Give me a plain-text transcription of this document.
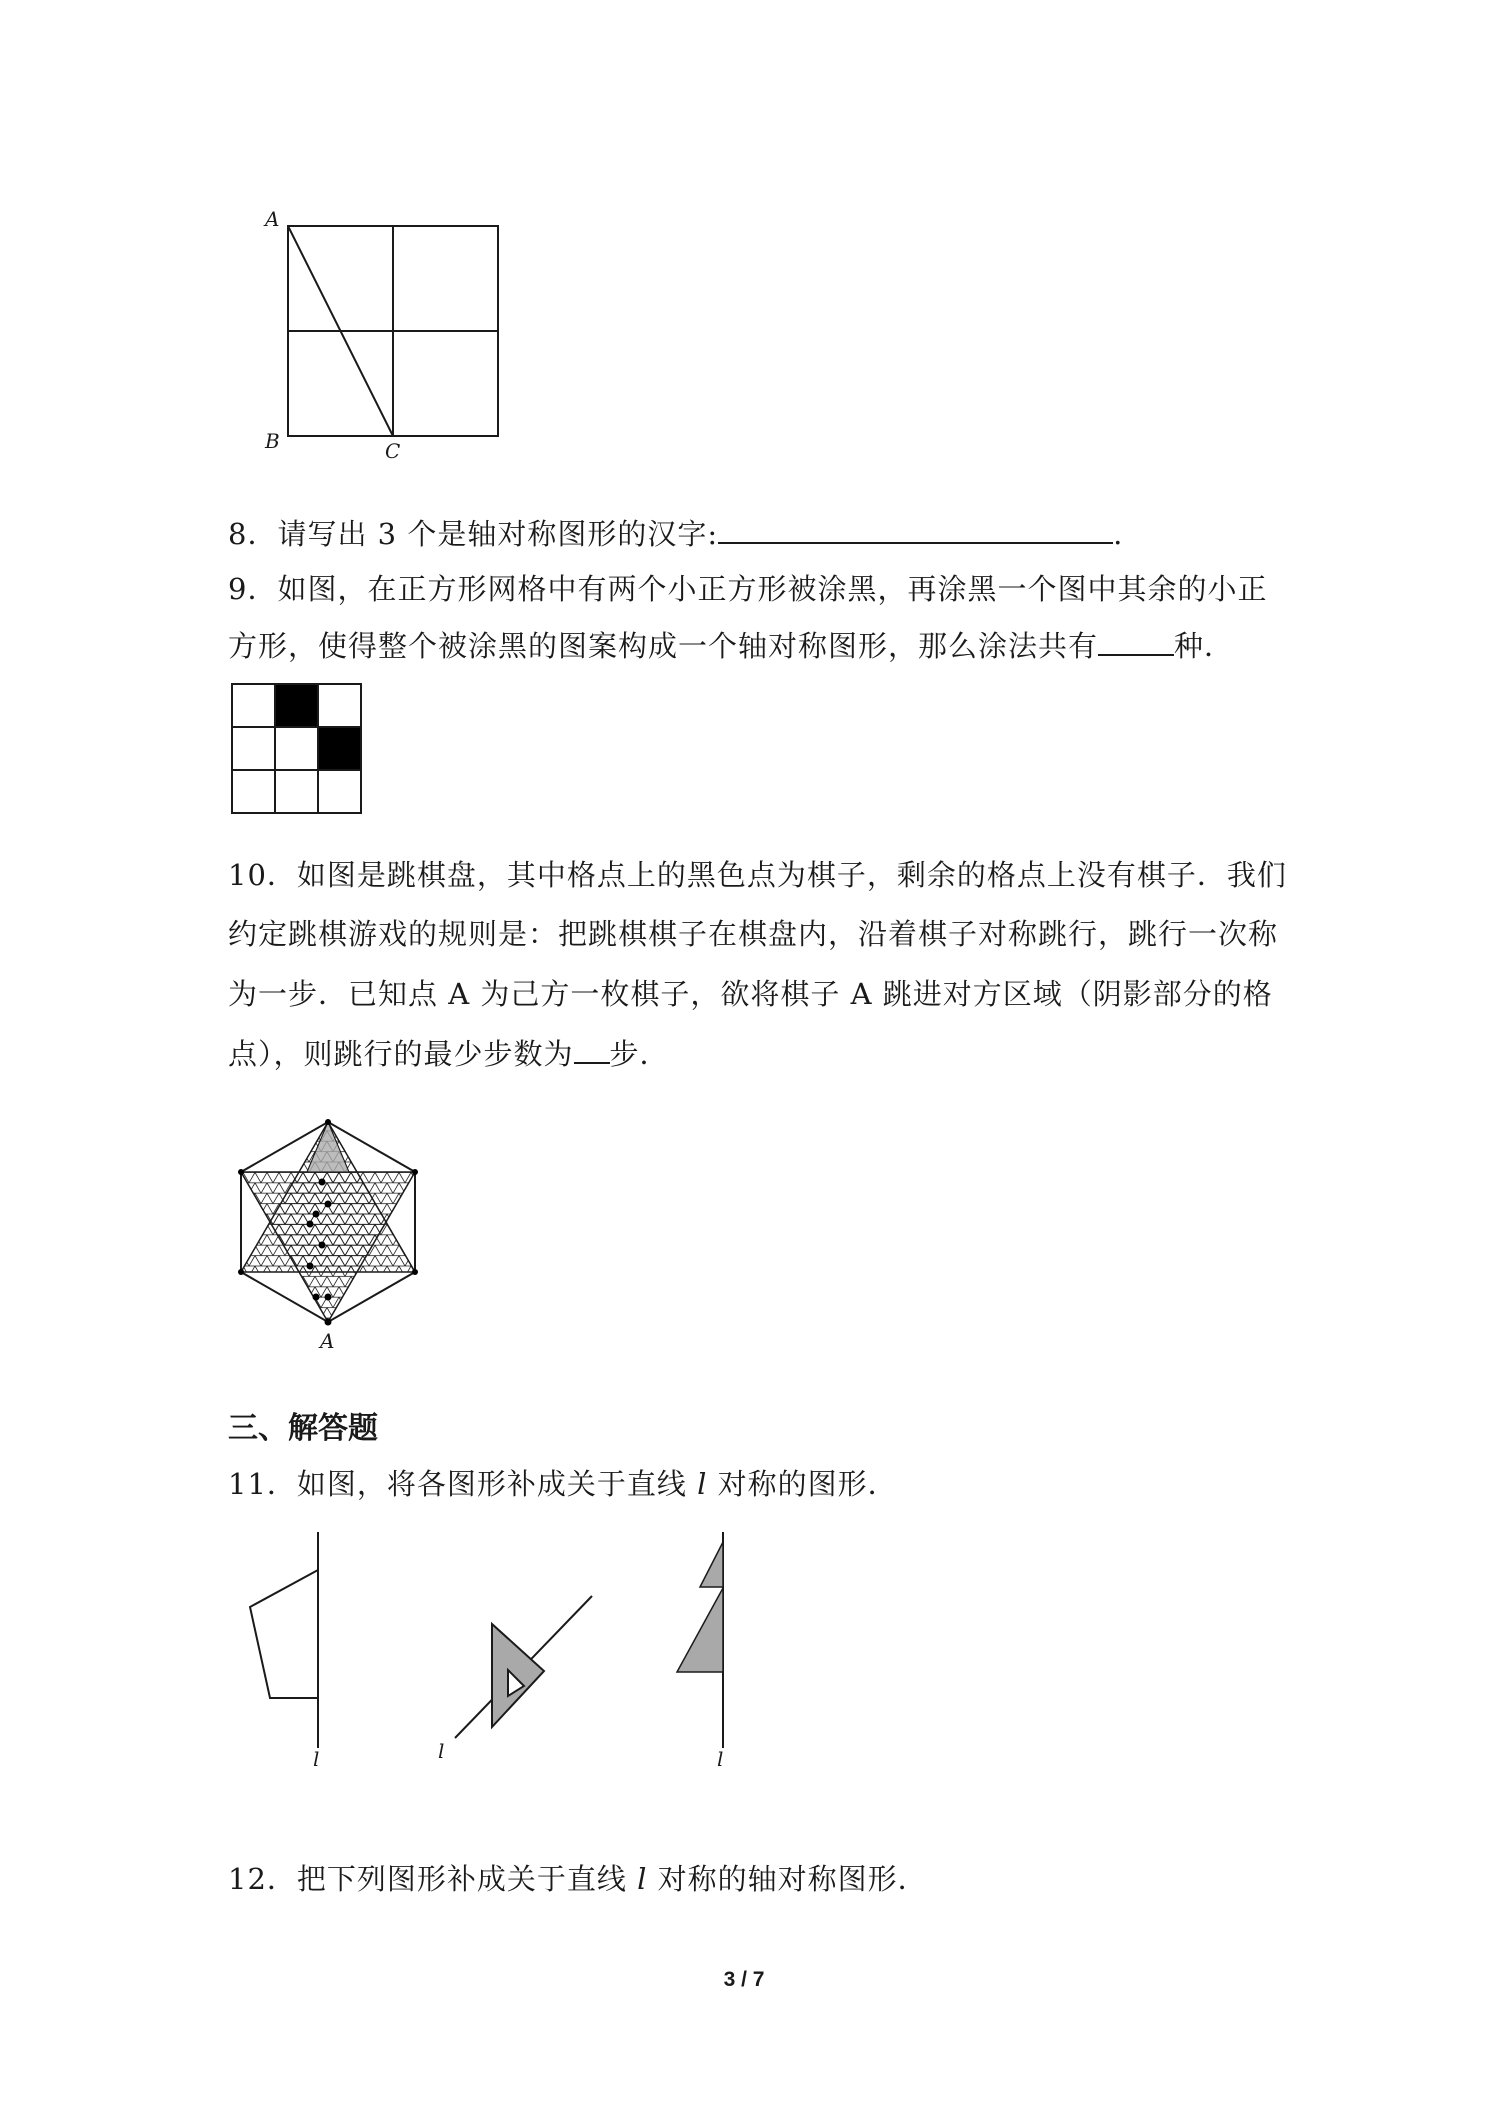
A
B	C
8．请写出 3 个是轴对称图形的汉字:	.
9．如图，在正方形网格中有两个小正方形被涂黑，再涂黑一个图中其余的小正
方形，使得整个被涂黑的图案构成一个轴对称图形，那么涂法共有	种．
10．如图是跳棋盘，其中格点上的黑色点为棋子，剩余的格点上没有棋子．我们
约定跳棋游戏的规则是：把跳棋棋子在棋盘内，沿着棋子对称跳行，跳行一次称
为一步．已知点 A 为己方一枚棋子，欲将棋子 A 跳进对方区域（阴影部分的格
点），则跳行的最少步数为 步．
A
三、解答题
11．如图，将各图形补成关于直线 l 对称的图形．
l	l	l
12．把下列图形补成关于直线 l 对称的轴对称图形．
3 / 7
